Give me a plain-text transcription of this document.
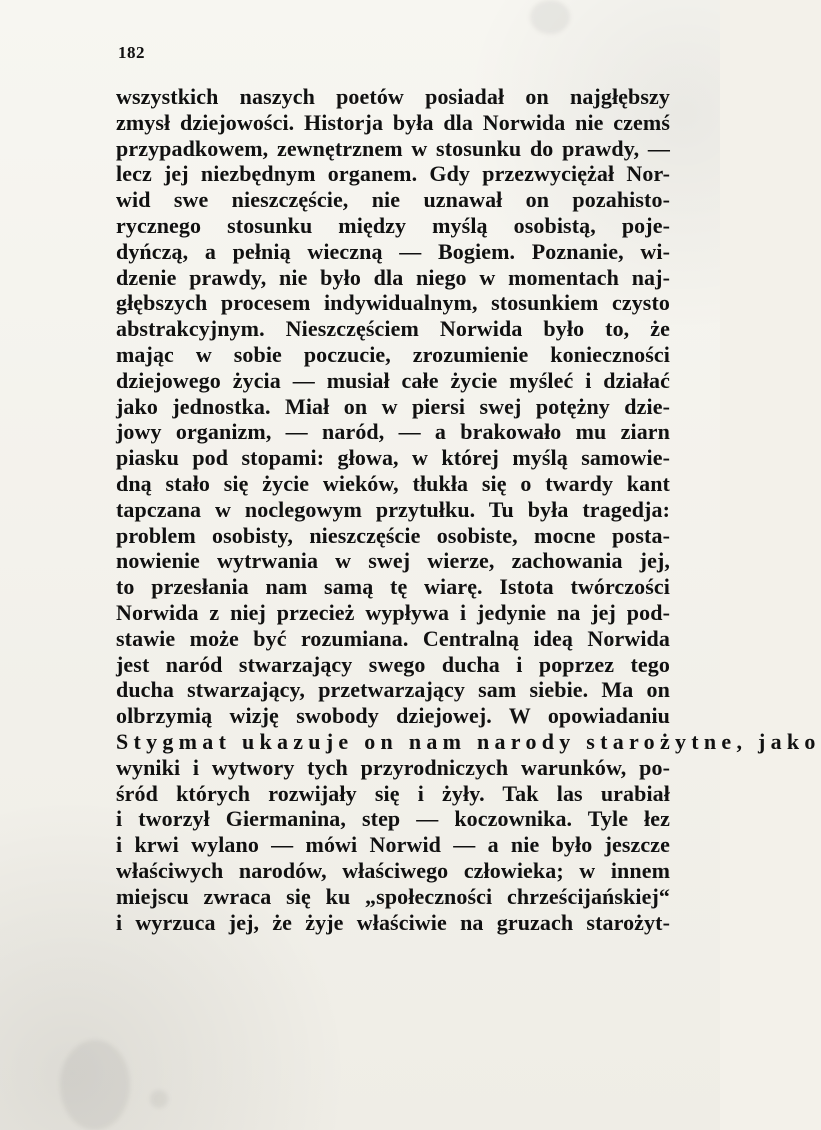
182
wszystkich naszych poetów posiadał on najgłębszy
zmysł dziejowości. Historja była dla Norwida nie czemś
przypadkowem, zewnętrznem w stosunku do prawdy, —
lecz jej niezbędnym organem. Gdy przezwyciężał Nor-
wid swe nieszczęście, nie uznawał on pozahisto-
rycznego stosunku między myślą osobistą, poje-
dyńczą, a pełnią wieczną — Bogiem. Poznanie, wi-
dzenie prawdy, nie było dla niego w momentach naj-
głębszych procesem indywidualnym, stosunkiem czysto
abstrakcyjnym. Nieszczęściem Norwida było to, że
mając w sobie poczucie, zrozumienie konieczności
dziejowego życia — musiał całe życie myśleć i działać
jako jednostka. Miał on w piersi swej potężny dzie-
jowy organizm, — naród, — a brakowało mu ziarn
piasku pod stopami: głowa, w której myślą samowie-
dną stało się życie wieków, tłukła się o twardy kant
tapczana w noclegowym przytułku. Tu była tragedja:
problem osobisty, nieszczęście osobiste, mocne posta-
nowienie wytrwania w swej wierze, zachowania jej,
to przesłania nam samą tę wiarę. Istota twórczości
Norwida z niej przecież wypływa i jedynie na jej pod-
stawie może być rozumiana. Centralną ideą Norwida
jest naród stwarzający swego ducha i poprzez tego
ducha stwarzający, przetwarzający sam siebie. Ma on
olbrzymią wizję swobody dziejowej. W opowiadaniu
Stygmat ukazuje on nam narody starożytne, jako
wyniki i wytwory tych przyrodniczych warunków, po-
śród których rozwijały się i żyły. Tak las urabiał
i tworzył Giermanina, step — koczownika. Tyle łez
i krwi wylano — mówi Norwid — a nie było jeszcze
właściwych narodów, właściwego człowieka; w innem
miejscu zwraca się ku „społeczności chrześcijańskiej“
i wyrzuca jej, że żyje właściwie na gruzach starożyt-
